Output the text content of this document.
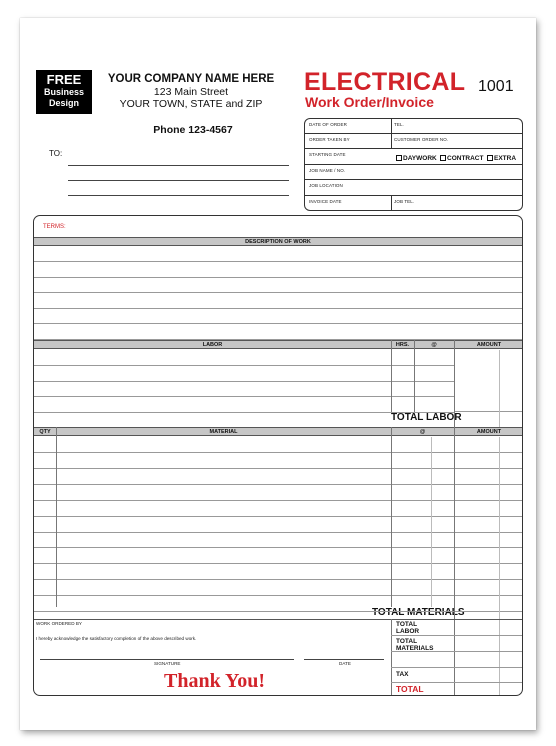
FREE
Business
Design
YOUR COMPANY NAME HERE
123 Main Street
YOUR TOWN, STATE and ZIP
Phone 123-4567
ELECTRICAL
Work Order/Invoice
1001
TO:
DATE OF ORDER	TEL.
ORDER TAKEN BY	CUSTOMER ORDER NO.
STARTING DATE
DAYWORK	CONTRACT	EXTRA
JOB NAME / NO.
JOB LOCATION
INVOICE DATE	JOB TEL.
TERMS:
DESCRIPTION OF WORK
LABOR	HRS.	@	AMOUNT
TOTAL LABOR
QTY	MATERIAL	@	AMOUNT
TOTAL MATERIALS
WORK ORDERED BY
I hereby acknowledge the satisfactory completion of the above described work.
SIGNATURE	DATE
Thank You!
TOTAL
LABOR
TOTAL
MATERIALS
TAX
TOTAL
